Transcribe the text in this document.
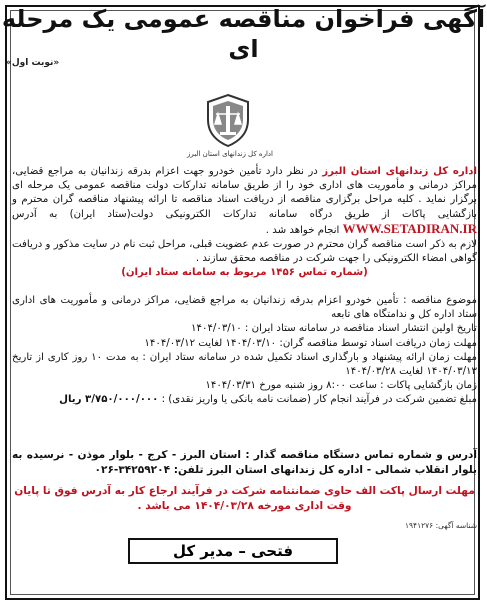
آگهی فراخوان مناقصه عمومی یک مرحله ای
«نوبت اول»
اداره کل زندانهای استان البرز

اداره کل زندانهای استان البرز در نظر دارد تأمین خودرو جهت اعزام بدرقه زندانیان به مراجع قضایی، مراکز درمانی و مأموریت های اداری خود را از طریق سامانه تدارکات دولت مناقصه عمومی یک مرحله ای برگزار نماید . کلیه مراحل برگزاری مناقصه از دریافت اسناد مناقصه تا ارائه پیشنهاد مناقصه گران محترم و بازگشایی پاکات از طریق درگاه سامانه تدارکات الکترونیکی دولت(ستاد ایران) به آدرس WWW.SETADIRAN.IR انجام خواهد شد .

لازم به ذکر است مناقصه گران محترم در صورت عدم عضویت قبلی، مراحل ثبت نام در سایت مذکور و دریافت گواهی امضاء الکترونیکی را جهت شرکت در مناقصه محقق سازند .

(شماره تماس ۱۴۵۶ مربوط به سامانه ستاد ایران)

موضوع مناقصه : تأمین خودرو اعزام بدرقه زندانیان به مراجع قضایی، مراکز درمانی و مأموریت های اداری ستاد اداره کل و ندامتگاه های تابعه

تاریخ اولین انتشار اسناد مناقصه در سامانه ستاد ایران : ۱۴۰۴/۰۳/۱۰

مهلت زمان دریافت اسناد توسط مناقصه گران: ۱۴۰۴/۰۳/۱۰ لغایت ۱۴۰۴/۰۳/۱۲

مهلت زمان ارائه پیشنهاد و بارگذاری اسناد تکمیل شده در سامانه ستاد ایران : به مدت ۱۰ روز کاری از تاریخ ۱۴۰۴/۰۳/۱۳ لغایت ۱۴۰۴/۰۳/۲۸

زمان بازگشایی پاکات : ساعت ۸:۰۰ روز شنبه مورخ ۱۴۰۴/۰۳/۳۱

مبلغ تضمین شرکت در فرآیند انجام کار (ضمانت نامه بانکی یا واریز نقدی) : ۳/۷۵۰/۰۰۰/۰۰۰ ریال

آدرس و شماره تماس دستگاه مناقصه گذار : استان البرز - کرج - بلوار موذن - نرسیده به بلوار انقلاب شمالی - اداره کل زندانهای استان البرز تلفن: ۳۴۲۵۹۲۰۴-۰۲۶
مهلت ارسال پاکت الف حاوی ضمانتنامه شرکت در فرآیند ارجاع کار به آدرس فوق تا پایان وقت اداری مورخه ۱۴۰۴/۰۳/۲۸ می باشد .
شناسه آگهی: ۱۹۴۱۲۷۶
فتحی – مدیر کل
